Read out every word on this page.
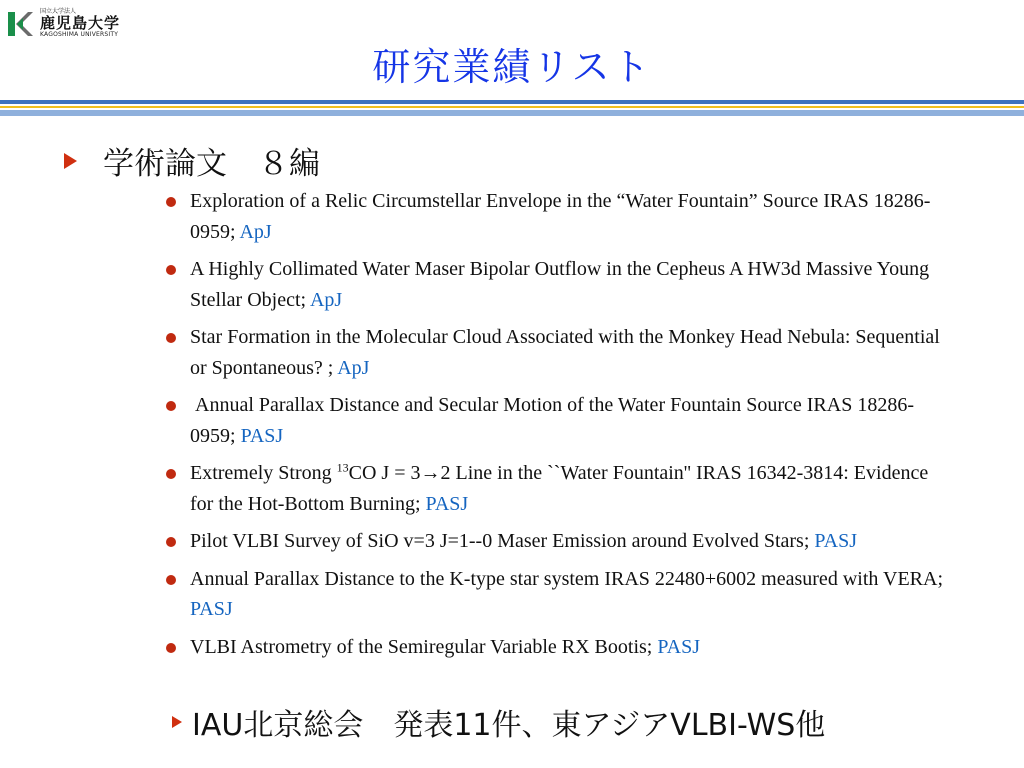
国立大学法人
鹿児島大学
KAGOSHIMA UNIVERSITY
研究業績リスト
学術論文　８編
Exploration of a Relic Circumstellar Envelope in the “Water Fountain” Source IRAS 18286-0959; ApJ
A Highly Collimated Water Maser Bipolar Outflow in the Cepheus A HW3d Massive Young Stellar Object; ApJ
Star Formation in the Molecular Cloud Associated with the Monkey Head Nebula: Sequential or Spontaneous? ; ApJ
Annual Parallax Distance and Secular Motion of the Water Fountain Source IRAS 18286-0959; PASJ
Extremely Strong $^{13}$CO J = 3→2 Line in the ``Water Fountain'' IRAS 16342-3814: Evidence for the Hot-Bottom Burning; PASJ
Pilot VLBI Survey of SiO v=3 J=1--0 Maser Emission around Evolved Stars; PASJ
Annual Parallax Distance to the K-type star system IRAS 22480+6002 measured with VERA; PASJ
VLBI Astrometry of the Semiregular Variable RX Bootis; PASJ
IAU北京総会　発表11件、東アジアVLBI-WS他
